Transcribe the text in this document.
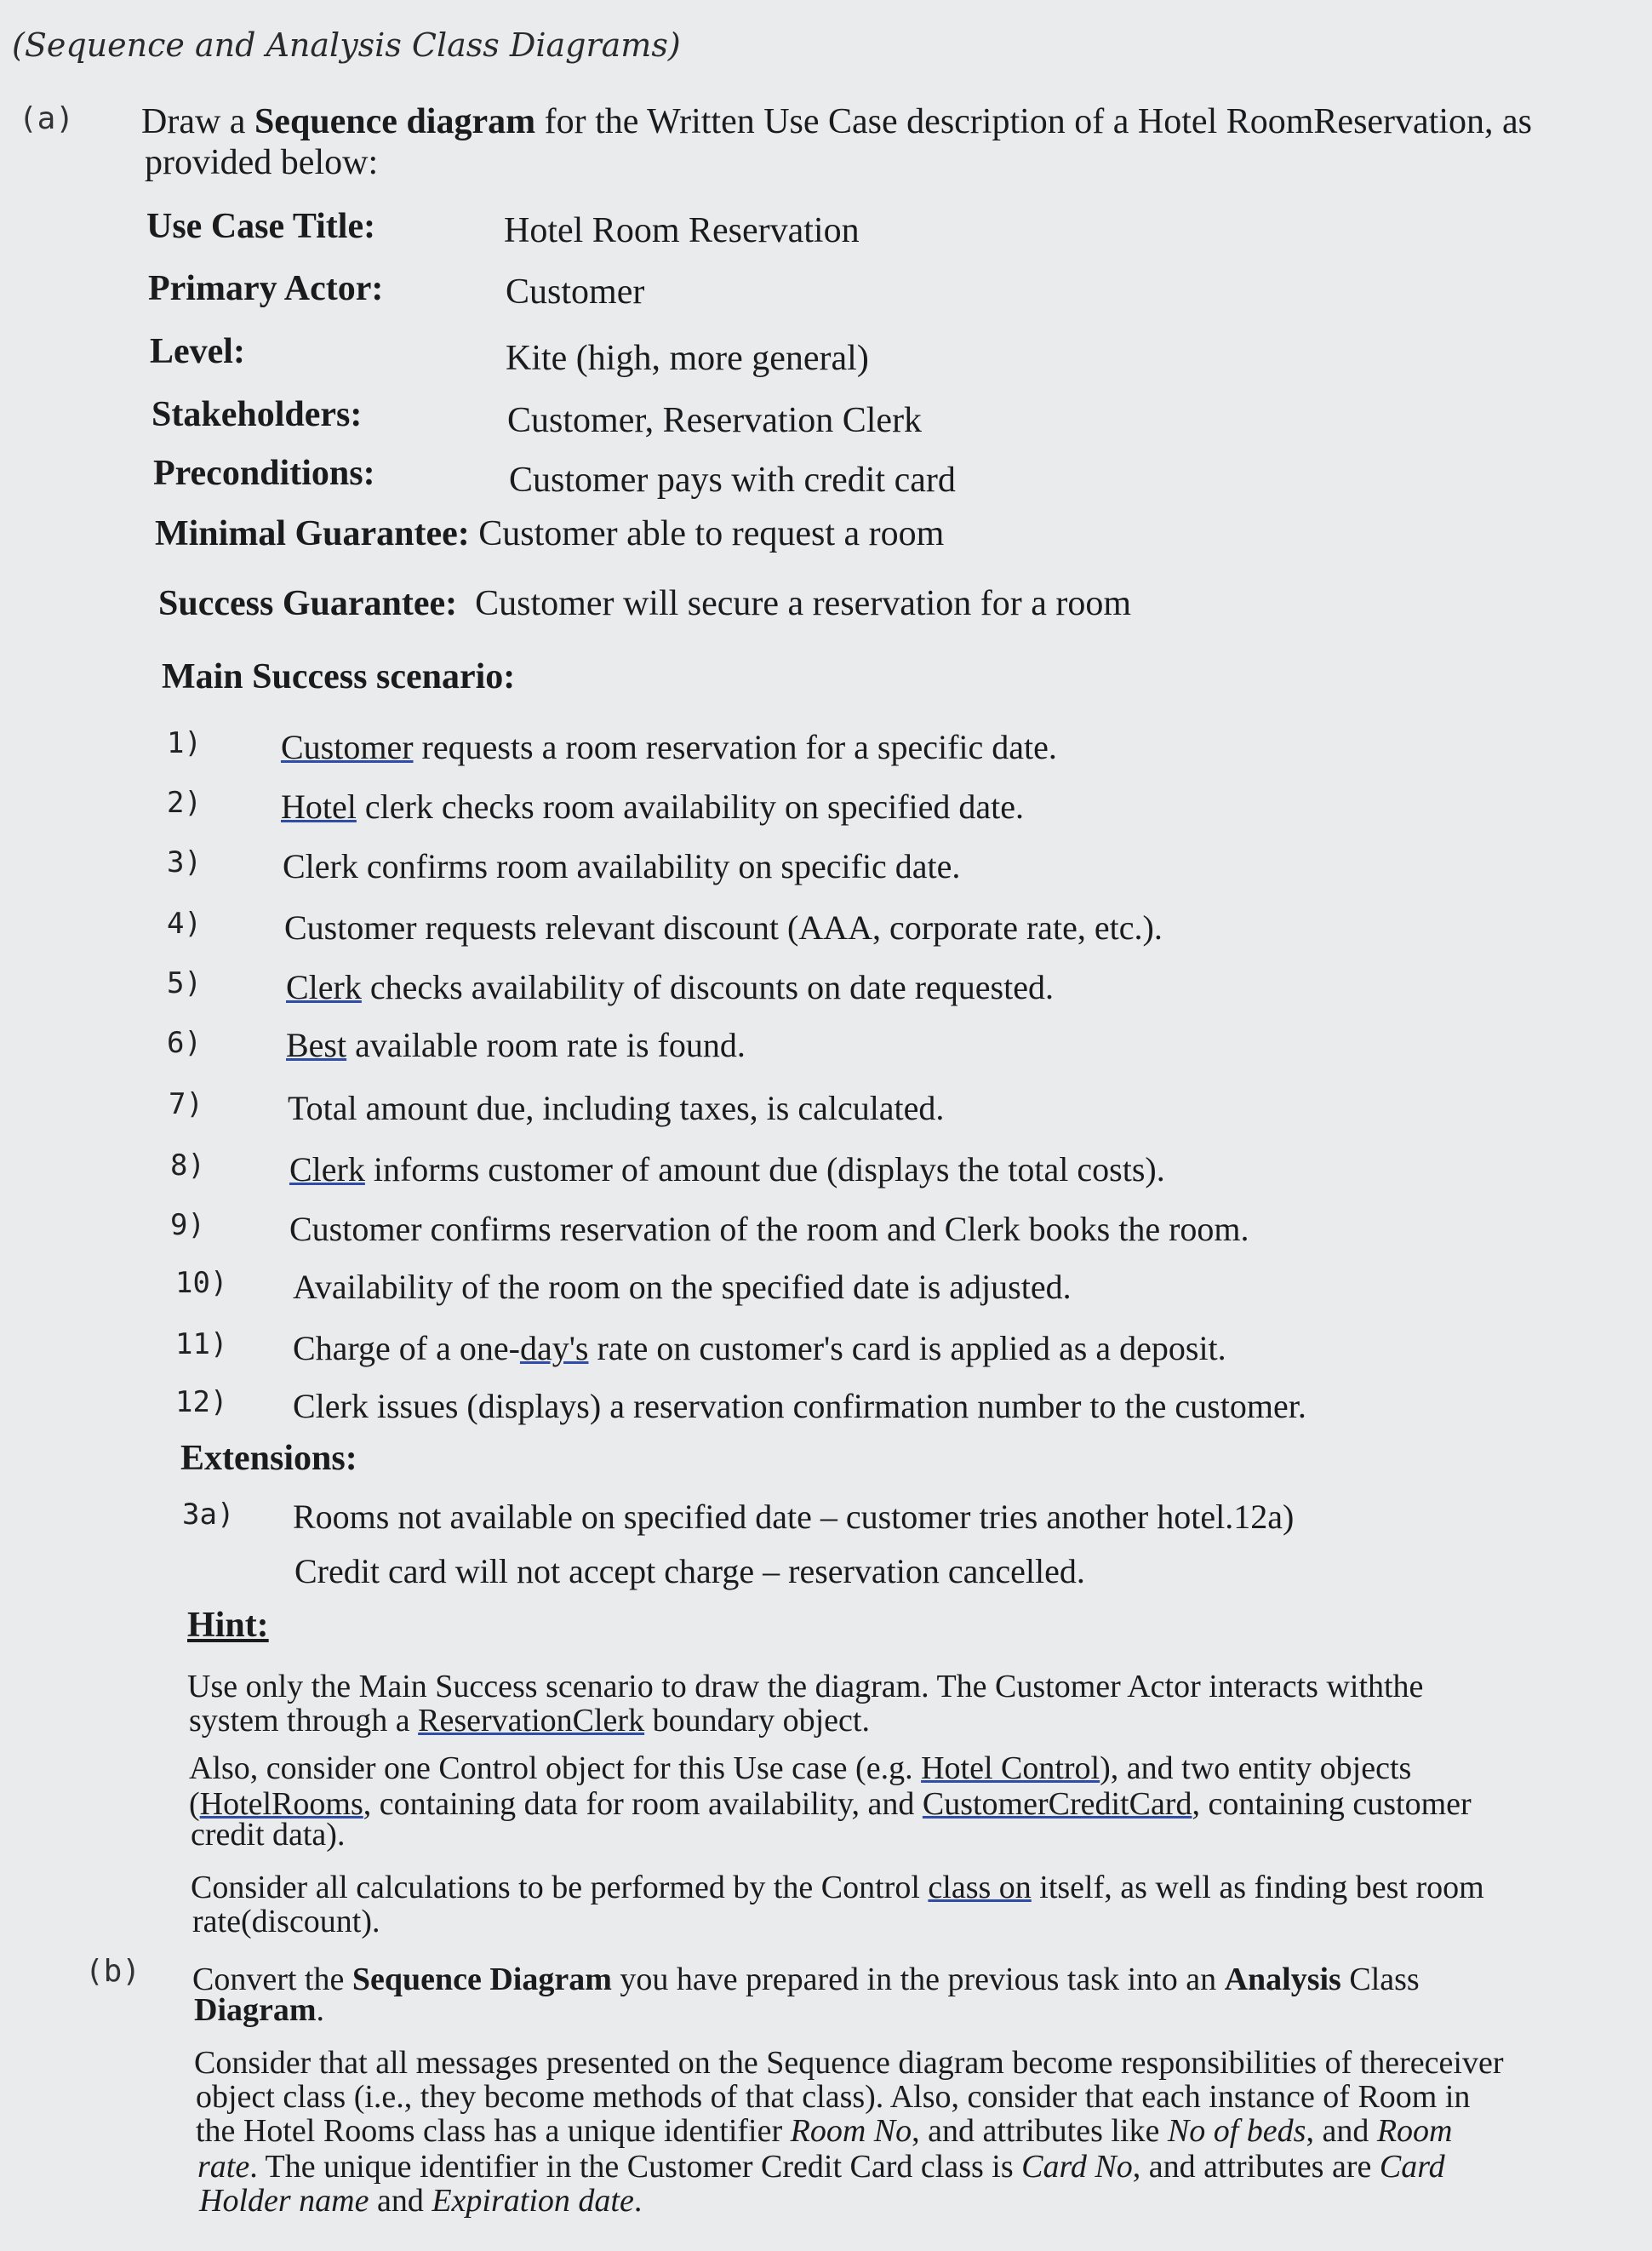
(Sequence and Analysis Class Diagrams)
(a) Draw a Sequence diagram for the Written Use Case description of a Hotel RoomReservation, as
provided below:
Use Case Title:	Hotel Room Reservation
Primary Actor:	Customer
Level:	Kite (high, more general)
Stakeholders:	Customer, Reservation Clerk
Preconditions:	Customer pays with credit card
Minimal Guarantee: Customer able to request a room
Success Guarantee: Customer will secure a reservation for a room
Main Success scenario:
1) Customer requests a room reservation for a specific date.
2) Hotel clerk checks room availability on specified date.
3) Clerk confirms room availability on specific date.
4) Customer requests relevant discount (AAA, corporate rate, etc.).
5) Clerk checks availability of discounts on date requested.
6) Best available room rate is found.
7) Total amount due, including taxes, is calculated.
8) Clerk informs customer of amount due (displays the total costs).
9) Customer confirms reservation of the room and Clerk books the room.
10) Availability of the room on the specified date is adjusted.
11) Charge of a one-day's rate on customer's card is applied as a deposit.
12) Clerk issues (displays) a reservation confirmation number to the customer.
Extensions:
3a) Rooms not available on specified date – customer tries another hotel.12a)
Credit card will not accept charge – reservation cancelled.
Hint:
Use only the Main Success scenario to draw the diagram. The Customer Actor interacts withthe
system through a ReservationClerk boundary object.
Also, consider one Control object for this Use case (e.g. Hotel Control), and two entity objects
(HotelRooms, containing data for room availability, and CustomerCreditCard, containing customer
credit data).
Consider all calculations to be performed by the Control class on itself, as well as finding best room
rate(discount).
(b) Convert the Sequence Diagram you have prepared in the previous task into an Analysis Class
Diagram.
Consider that all messages presented on the Sequence diagram become responsibilities of thereceiver
object class (i.e., they become methods of that class). Also, consider that each instance of Room in
the Hotel Rooms class has a unique identifier Room No, and attributes like No of beds, and Room
rate. The unique identifier in the Customer Credit Card class is Card No, and attributes are Card
Holder name and Expiration date.
